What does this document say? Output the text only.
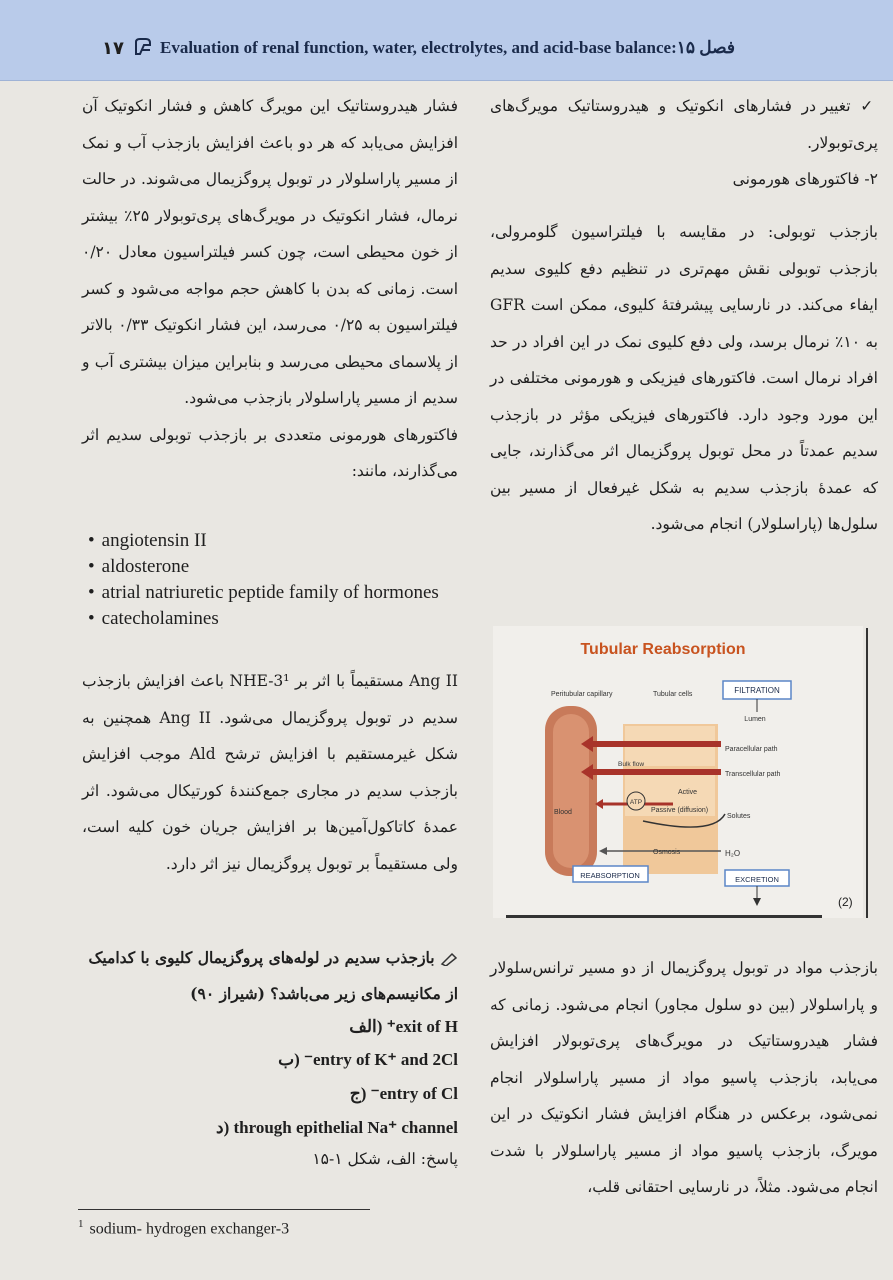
۱۷ Evaluation of renal function, water, electrolytes, and acid-base balance:فصل ۱۵

✓ تغییر در فشارهای انکوتیک و هیدروستاتیک مویرگ‌های پری‌توبولار.

۲- فاکتورهای هورمونی

بازجذب توبولی: در مقایسه با فیلتراسیون گلومرولی، بازجذب توبولی نقش مهم‌تری در تنظیم دفع کلیوی سدیم ایفاء می‌کند. در نارسایی پیشرفتهٔ کلیوی، ممکن است GFR به ۱۰٪ نرمال برسد، ولی دفع کلیوی نمک در این افراد در حد افراد نرمال است. فاکتورهای فیزیکی و هورمونی مختلفی در این مورد وجود دارد. فاکتورهای فیزیکی مؤثر در بازجذب سدیم عمدتاً در محل توبول پروگزیمال اثر می‌گذارند، جایی که عمدهٔ بازجذب سدیم به شکل غیرفعال از مسیر بین سلول‌ها (پاراسلولار) انجام می‌شود.

Tubular Reabsorption
Peritubular capillary	Tubular cells
Blood
FILTRATION
Lumen
Bulk flow
Paracellular path
Transcellular path
Active
ATP
Passive (diffusion)
Solutes
Osmosis	H₂O
REABSORPTION	EXCRETION
(2)

بازجذب مواد در توبول پروگزیمال از دو مسیر ترانس‌سلولار و پاراسلولار (بین دو سلول مجاور) انجام می‌شود. زمانی که فشار هیدروستاتیک در مویرگ‌های پری‌توبولار افزایش می‌یابد، بازجذب پاسیو مواد از مسیر پاراسلولار انجام نمی‌شود، برعکس در هنگام افزایش فشار انکوتیک در این مویرگ، بازجذب پاسیو مواد از مسیر پاراسلولار با شدت انجام می‌شود. مثلاً، در نارسایی احتقانی قلب،

فشار هیدروستاتیک این مویرگ کاهش و فشار انکوتیک آن افزایش می‌یابد که هر دو باعث افزایش بازجذب آب و نمک از مسیر پاراسلولار در توبول پروگزیمال می‌شوند. در حالت نرمال، فشار انکوتیک در مویرگ‌های پری‌توبولار ۲۵٪ بیشتر از خون محیطی است، چون کسر فیلتراسیون معادل ۰/۲۰ است. زمانی که بدن با کاهش حجم مواجه می‌شود و کسر فیلتراسیون به ۰/۲۵ می‌رسد، این فشار انکوتیک ۰/۳۳ بالاتر از پلاسمای محیطی می‌رسد و بنابراین میزان بیشتری آب و سدیم از مسیر پاراسلولار بازجذب می‌شود.

فاکتورهای هورمونی متعددی بر بازجذب توبولی سدیم اثر می‌گذارند، مانند:

• angiotensin II
• aldosterone
• atrial natriuretic peptide family of hormones
• catecholamines

Ang II مستقیماً با اثر بر NHE-3¹ باعث افزایش بازجذب سدیم در توبول پروگزیمال می‌شود. Ang II همچنین به شکل غیرمستقیم با افزایش ترشح Ald موجب افزایش بازجذب سدیم در مجاری جمع‌کنندهٔ کورتیکال می‌شود. اثر عمدهٔ کاتاکول‌آمین‌ها بر افزایش جریان خون کلیه است، ولی مستقیماً بر توبول پروگزیمال نیز اثر دارد.

بازجذب سدیم در لوله‌های پروگزیمال کلیوی با کدامیک از مکانیسم‌های زیر می‌باشد؟ (شیراز ۹۰)
exit of H⁺ (الف
entry of K⁺ and 2Cl⁻ (ب
entry of Cl⁻ (ج
through epithelial Na⁺ channel (د
پاسخ: الف، شکل ۱-۱۵
$^1$ sodium- hydrogen exchanger-3
